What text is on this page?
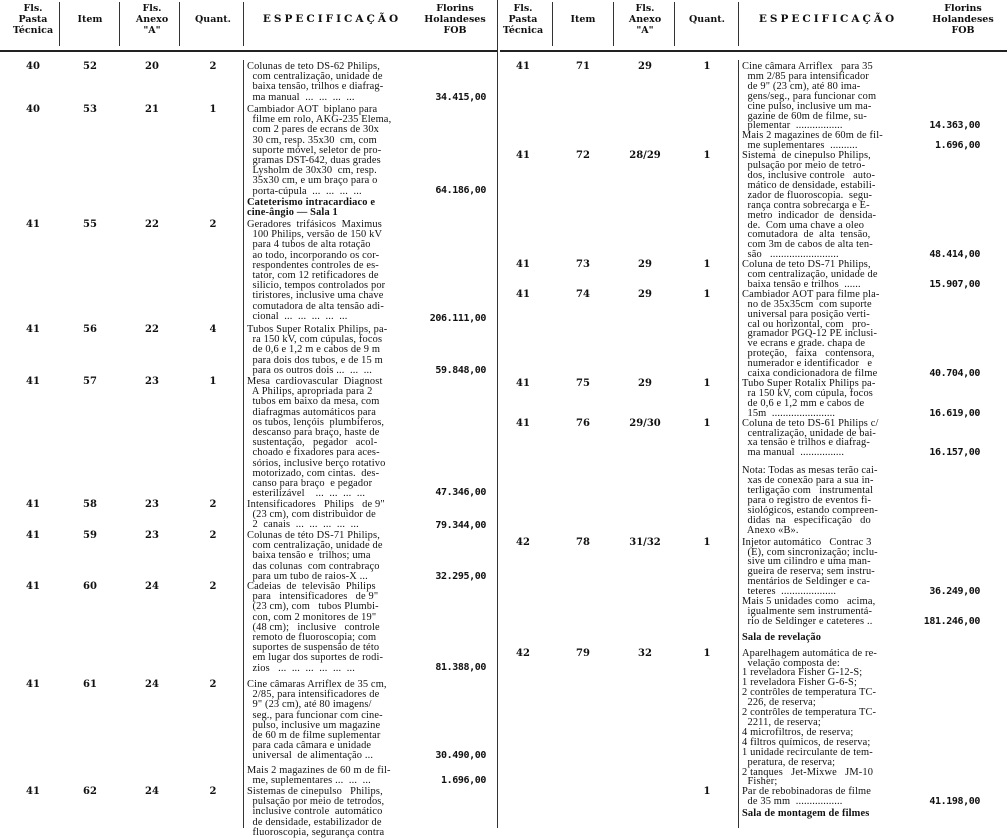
Fls.
Pasta
Técnica
Item
Fls.
Anexo
"A"
Quant.	ESPECIFICAÇÃO
Florins
Holandeses
FOB
Fls.
Pasta
Técnica
Item
Fls.
Anexo
"A"
Quant.	ESPECIFICAÇÃO
Florins
Holandeses
FOB
40	52	20	2	Colunas de teto DS-62 Philips,
com centralização, unidade de
baixa tensão, trilhos e diafrag-
ma manual  ...  ...  ...  ...	34.415,00
40	53	21	1	Cambiador AOT  biplano para
filme em rolo, AKG-235 Elema,
com 2 pares de ecrans de 30x
30 cm, resp. 35x30  cm, com
suporte móvel, seletor de pro-
gramas DST-642, duas grades
Lysholm de 30x30  cm, resp.
35x30 cm, e um braço para o
porta-cúpula  ...  ...  ...  ...	64.186,00
Cateterismo intracardiaco e
cine-ângio — Sala 1
41	55	22	2	Geradores  trifásicos  Maximus
100 Philips, versão de 150 kV
para 4 tubos de alta rotação
ao todo, incorporando os cor-
respondentes controles de es-
tator, com 12 retificadores de
silicio, tempos controlados por
tiristores, inclusive uma chave
comutadora de alta tensão adi-
cional  ...  ...  ...  ...  ...	206.111,00
41	56	22	4	Tubos Super Rotalix Philips, pa-
ra 150 kV, com cúpulas, focos
de 0,6 e 1,2 m e cabos de 9 m
para dois dos tubos, e de 15 m
para os outros dois ...  ...  ...	59.848,00
41	57	23	1	Mesa  cardiovascular  Diagnost
A Philips, apropriada para 2
tubos em baixo da mesa, com
diafragmas automáticos para
os tubos, lençóis  plumbiferos,
descanso para braço, haste de
sustentação,   pegador   acol-
choado e fixadores para aces-
sórios, inclusive berço rotativo
motorizado, com cintas.  des-
canso para braço  e pegador
esterilizável    ...  ...  ...  ...	47.346,00
41	58	23	2	Intensificadores   Philips   de 9"
(23 cm), com distribuidor de
2  canais  ...  ...  ...  ...  ...	79.344,00
41	59	23	2	Colunas de této DS-71 Philips,
com centralização, unidade de
baixa tensão e  trilhos; uma
das colunas  com contrabraço
para um tubo de raios-X ...	32.295,00
41	60	24	2	Cadeias  de  televisão  Philips
para   intensificadores   de 9"
(23 cm), com   tubos Plumbi-
con, com 2 monitores de 19"
(48 cm);   inclusive   controle
remoto de fluoroscopia; com
suportes de suspensão de této
em lugar dos suportes de rodi-
zios   ...  ...  ...  ...  ...  ...	81.388,00
41	61	24	2	Cine câmaras Arriflex de 35 cm,
2/85, para intensificadores de
9" (23 cm), até 80 imagens/
seg., para funcionar com cine-
pulso, inclusive um magazine
de 60 m de filme suplementar
para cada câmara e unidade
universal  de alimentação ...	30.490,00
Mais 2 magazines de 60 m de fil-
me, suplementares ...  ...  ...	1.696,00
41	62	24	2	Sistemas de cinepulso   Philips,
pulsação por meio de tetrodos,
inclusive controle  automático
de densidade, estabilizador de
fluoroscopia, segurança contra
41	71	29	1	Cine câmara Arriflex   para 35
mm 2/85 para intensificador
de 9" (23 cm), até 80 ima-
gens/seg., para funcionar com
cine pulso, inclusive um ma-
gazine de 60m de filme, su-
plementar  .................	14.363,00
Mais 2 magazines de 60m de fil-
me suplementares  ..........	1.696,00
41	72	28/29	1	Sistema  de cinepulso Philips,
pulsação por meio de tetro-
dos, inclusive controle   auto-
mático de densidade, estabili-
zador de fluoroscopia.  segu-
rança contra sobrecarga e E-
metro  indicador  de  densida-
de.  Com uma chave a oleo
comutadora  de  alta  tensão,
com 3m de cabos de alta ten-
são   .........................	48.414,00
41	73	29	1	Coluna de teto DS-71 Philips,
com centralização, unidade de
baixa tensão e trilhos  ......	15.907,00
41	74	29	1	Cambiador AOT para filme pla-
no de 35x35cm  com suporte
universal para posição verti-
cal ou horizontal, com   pro-
gramador PGQ-12 PE inclusi-
ve ecrans e grade. chapa de
proteção,   faixa   contensora,
numerador e identificador   e
caixa condicionadora de filme	40.704,00
41	75	29	1	Tubo Super Rotalix Philips pa-
ra 150 kV, com cúpula, focos
de 0,6 e 1,2 mm e cabos de
15m  .......................	16.619,00
41	76	29/30	1	Coluna de teto DS-61 Philips c/
centralização, unidade de bai-
xa tensão e trilhos e diafrag-
ma manual  ................	16.157,00
Nota: Todas as mesas terão cai-
xas de conexão para a sua in-
terligação com   instrumental
para o registro de eventos fi-
siológicos, estando compreen-
didas  na   especificação   do
Anexo «B».
42	78	31/32	1	Injetor automático   Contrac 3
(E), com sincronização; inclu-
sive um cilindro e uma man-
gueira de reserva; sem instru-
mentários de Seldinger e ca-
teteres  ....................	36.249,00
Mais 5 unidades como   acima,
igualmente sem instrumentá-
rio de Seldinger e cateteres ..	181.246,00
Sala de revelação
42	79	32	1	Aparelhagem automática de re-
velação composta de:
1 reveladora Fisher G-12-S;
1 reveladora Fisher G-6-S;
2 contrôles de temperatura TC-
226, de reserva;
2 contrôles de temperatura TC-
2211, de reserva;
4 microfiltros, de reserva;
4 filtros químicos, de reserva;
1 unidade recirculante de tem-
peratura, de reserva;
2 tanques   Jet-Mixwe   JM-10
Fisher;
1	Par de rebobinadoras de filme
de 35 mm  .................	41.198,00
Sala de montagem de filmes
